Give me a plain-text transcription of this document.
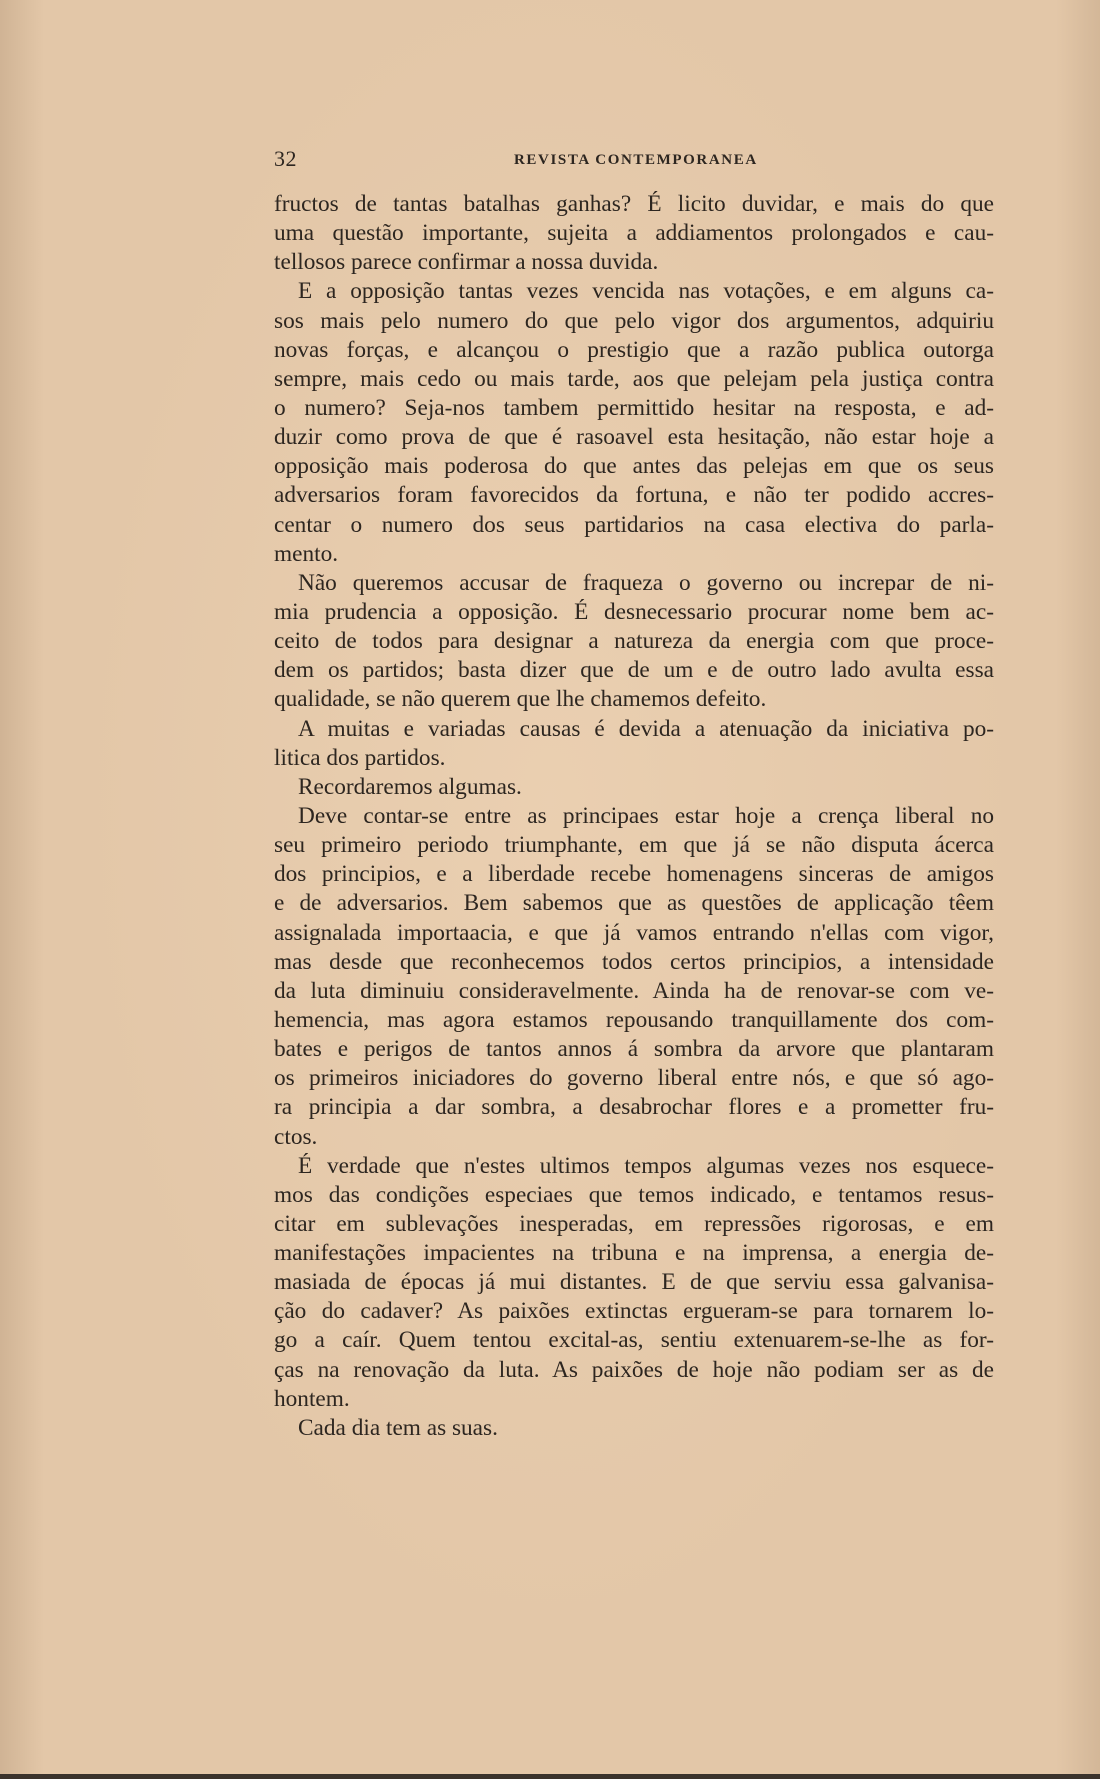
32	REVISTA CONTEMPORANEA
fructos de tantas batalhas ganhas? É licito duvidar, e mais do que
uma questão importante, sujeita a addiamentos prolongados e cau-
tellosos parece confirmar a nossa duvida.
E a opposição tantas vezes vencida nas votações, e em alguns ca-
sos mais pelo numero do que pelo vigor dos argumentos, adquiriu
novas forças, e alcançou o prestigio que a razão publica outorga
sempre, mais cedo ou mais tarde, aos que pelejam pela justiça contra
o numero? Seja-nos tambem permittido hesitar na resposta, e ad-
duzir como prova de que é rasoavel esta hesitação, não estar hoje a
opposição mais poderosa do que antes das pelejas em que os seus
adversarios foram favorecidos da fortuna, e não ter podido accres-
centar o numero dos seus partidarios na casa electiva do parla-
mento.
Não queremos accusar de fraqueza o governo ou increpar de ni-
mia prudencia a opposição. É desnecessario procurar nome bem ac-
ceito de todos para designar a natureza da energia com que proce-
dem os partidos; basta dizer que de um e de outro lado avulta essa
qualidade, se não querem que lhe chamemos defeito.
A muitas e variadas causas é devida a atenuação da iniciativa po-
litica dos partidos.
Recordaremos algumas.
Deve contar-se entre as principaes estar hoje a crença liberal no
seu primeiro periodo triumphante, em que já se não disputa ácerca
dos principios, e a liberdade recebe homenagens sinceras de amigos
e de adversarios. Bem sabemos que as questões de applicação têem
assignalada importaacia, e que já vamos entrando n'ellas com vigor,
mas desde que reconhecemos todos certos principios, a intensidade
da luta diminuiu consideravelmente. Ainda ha de renovar-se com ve-
hemencia, mas agora estamos repousando tranquillamente dos com-
bates e perigos de tantos annos á sombra da arvore que plantaram
os primeiros iniciadores do governo liberal entre nós, e que só ago-
ra principia a dar sombra, a desabrochar flores e a prometter fru-
ctos.
É verdade que n'estes ultimos tempos algumas vezes nos esquece-
mos das condições especiaes que temos indicado, e tentamos resus-
citar em sublevações inesperadas, em repressões rigorosas, e em
manifestações impacientes na tribuna e na imprensa, a energia de-
masiada de épocas já mui distantes. E de que serviu essa galvanisa-
ção do cadaver? As paixões extinctas ergueram-se para tornarem lo-
go a caír. Quem tentou excital-as, sentiu extenuarem-se-lhe as for-
ças na renovação da luta. As paixões de hoje não podiam ser as de
hontem.
Cada dia tem as suas.
